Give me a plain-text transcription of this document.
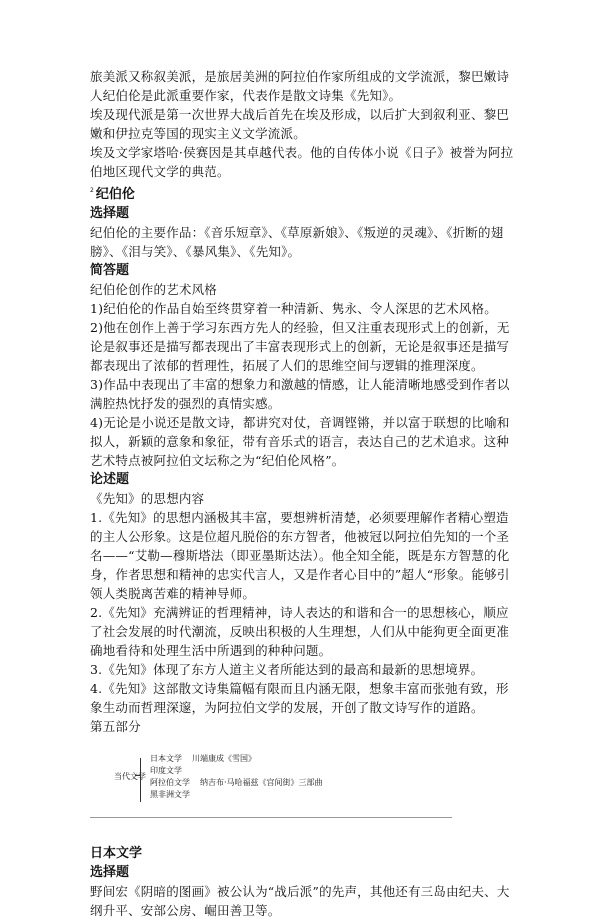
旅美派又称叙美派，是旅居美洲的阿拉伯作家所组成的文学流派，黎巴嫩诗人纪伯伦是此派重要作家，代表作是散文诗集《先知》。

埃及现代派是第一次世界大战后首先在埃及形成，以后扩大到叙利亚、黎巴嫩和伊拉克等国的现实主义文学流派。

埃及文学家塔哈·侯赛因是其卓越代表。他的自传体小说《日子》被誉为阿拉伯地区现代文学的典范。

$^2$ 纪伯伦
选择题

纪伯伦的主要作品：《音乐短章》、《草原新娘》、《叛逆的灵魂》、《折断的翅膀》、《泪与笑》、《暴风集》、《先知》。

简答题

纪伯伦创作的艺术风格

1)纪伯伦的作品自始至终贯穿着一种清新、隽永、令人深思的艺术风格。

2)他在创作上善于学习东西方先人的经验，但又注重表现形式上的创新，无论是叙事还是描写都表现出了丰富表现形式上的创新，无论是叙事还是描写都表现出了浓郁的哲理性，拓展了人们的思维空间与逻辑的推理深度。

3)作品中表现出了丰富的想象力和激越的情感，让人能清晰地感受到作者以满腔热忱抒发的强烈的真情实感。

4)无论是小说还是散文诗，都讲究对仗，音调铿锵，并以富于联想的比喻和拟人，新颖的意象和象征，带有音乐式的语言，表达自己的艺术追求。这种艺术特点被阿拉伯文坛称之为“纪伯伦风格”。

论述题

《先知》的思想内容

1.《先知》的思想内涵极其丰富，要想辨析清楚，必须要理解作者精心塑造的主人公形象。这是位超凡脱俗的东方智者，他被冠以阿拉伯先知的一个圣名——“艾勒—穆斯塔法（即亚墨斯达法）。他全知全能，既是东方智慧的化身，作者思想和精神的忠实代言人，又是作者心目中的”超人“形象。能够引领人类脱离苦难的精神导师。

2.《先知》充满辨证的哲理精神，诗人表达的和谐和合一的思想核心，顺应了社会发展的时代潮流，反映出积极的人生理想，人们从中能狗更全面更准确地看待和处理生活中所遇到的种种问题。

3.《先知》体现了东方人道主义者所能达到的最高和最新的思想境界。

4.《先知》这部散文诗集篇幅有限而且内涵无限，想象丰富而张弛有致，形象生动而哲理深邃，为阿拉伯文学的发展，开创了散文诗写作的道路。

第五部分

当代文学
日本文学 川端康成《雪国》
印度文学
阿拉伯文学 纳吉布·马哈福兹《宫间街》三部曲
黑非洲文学
日本文学
选择题

野间宏《阴暗的图画》被公认为“战后派”的先声，其他还有三岛由纪夫、大纲升平、安部公房、崛田善卫等。
